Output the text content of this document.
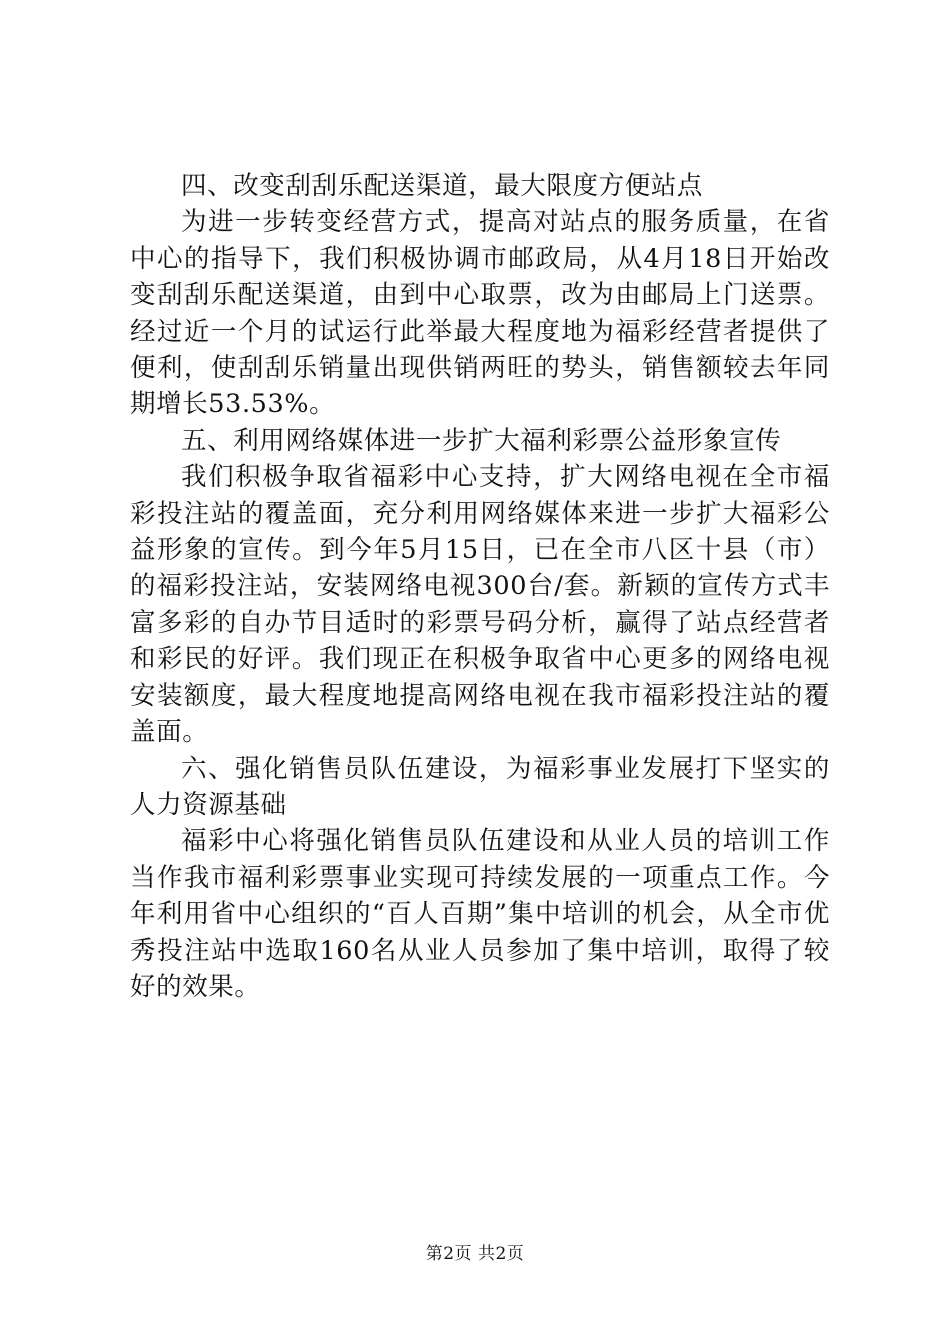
四、改变刮刮乐配送渠道，最大限度方便站点

为进一步转变经营方式，提高对站点的服务质量，在省中心的指导下，我们积极协调市邮政局，从4月18日开始改变刮刮乐配送渠道，由到中心取票，改为由邮局上门送票。经过近一个月的试运行此举最大程度地为福彩经营者提供了便利，使刮刮乐销量出现供销两旺的势头，销售额较去年同期增长53.53%。

五、利用网络媒体进一步扩大福利彩票公益形象宣传

我们积极争取省福彩中心支持，扩大网络电视在全市福彩投注站的覆盖面，充分利用网络媒体来进一步扩大福彩公益形象的宣传。到今年5月15日，已在全市八区十县（市）的福彩投注站，安装网络电视300台/套。新颖的宣传方式丰富多彩的自办节目适时的彩票号码分析，赢得了站点经营者和彩民的好评。我们现正在积极争取省中心更多的网络电视安装额度，最大程度地提高网络电视在我市福彩投注站的覆盖面。

六、强化销售员队伍建设，为福彩事业发展打下坚实的人力资源基础

福彩中心将强化销售员队伍建设和从业人员的培训工作当作我市福利彩票事业实现可持续发展的一项重点工作。今年利用省中心组织的“百人百期”集中培训的机会，从全市优秀投注站中选取160名从业人员参加了集中培训，取得了较好的效果。

第2页 共2页
